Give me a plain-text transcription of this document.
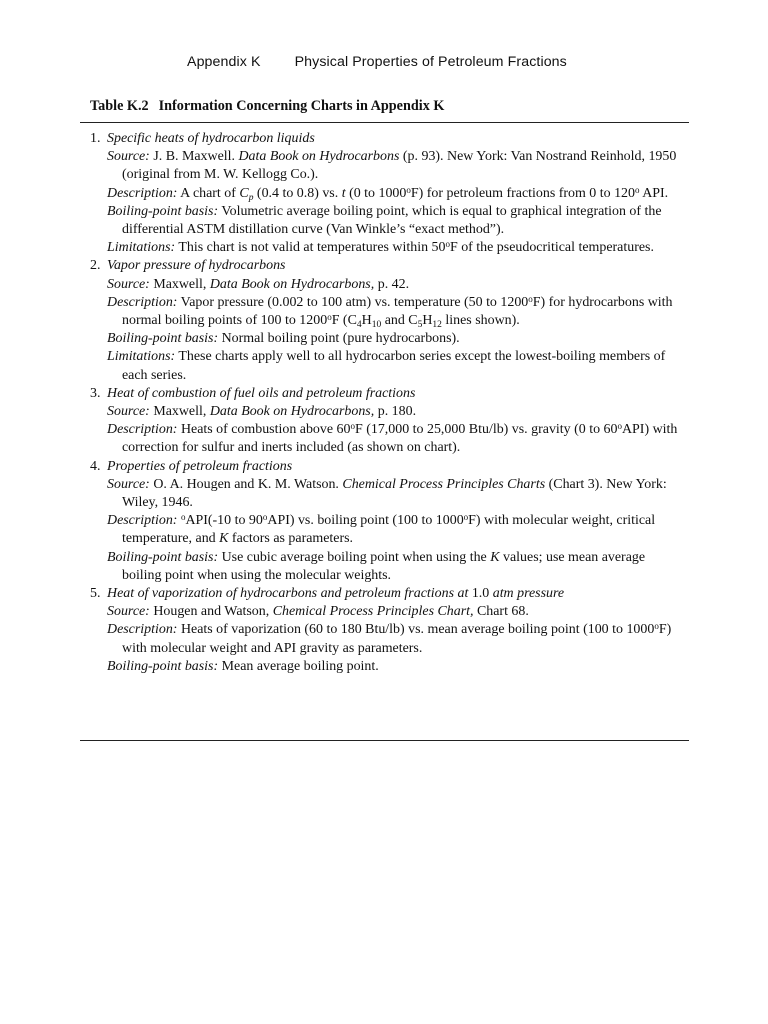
Appendix K Physical Properties of Petroleum Fractions
Table K.2 Information Concerning Charts in Appendix K
1. Specific heats of hydrocarbon liquids
Source: J. B. Maxwell. Data Book on Hydrocarbons (p. 93). New York: Van Nostrand Reinhold, 1950 (original from M. W. Kellogg Co.).
Description: A chart of $C_p$ (0.4 to 0.8) vs. t (0 to 1000$^o$F) for petroleum fractions from 0 to 120$^o$ API.
Boiling-point basis: Volumetric average boiling point, which is equal to graphical integration of the differential ASTM distillation curve (Van Winkle’s “exact method”).
Limitations: This chart is not valid at temperatures within 50$^o$F of the pseudocritical temperatures.
2. Vapor pressure of hydrocarbons
Source: Maxwell, Data Book on Hydrocarbons, p. 42.
Description: Vapor pressure (0.002 to 100 atm) vs. temperature (50 to 1200$^o$F) for hydrocarbons with normal boiling points of 100 to 1200$^o$F ($C_4H_{10}$ and $C_5H_{12}$ lines shown).
Boiling-point basis: Normal boiling point (pure hydrocarbons).
Limitations: These charts apply well to all hydrocarbon series except the lowest-boiling members of each series.
3. Heat of combustion of fuel oils and petroleum fractions
Source: Maxwell, Data Book on Hydrocarbons, p. 180.
Description: Heats of combustion above 60$^o$F (17,000 to 25,000 Btu/lb) vs. gravity (0 to 60$^o$API) with correction for sulfur and inerts included (as shown on chart).
4. Properties of petroleum fractions
Source: O. A. Hougen and K. M. Watson. Chemical Process Principles Charts (Chart 3). New York: Wiley, 1946.
Description: $^o$API(-10 to 90$^o$API) vs. boiling point (100 to 1000$^o$F) with molecular weight, critical temperature, and K factors as parameters.
Boiling-point basis: Use cubic average boiling point when using the K values; use mean average boiling point when using the molecular weights.
5. Heat of vaporization of hydrocarbons and petroleum fractions at 1.0 atm pressure
Source: Hougen and Watson, Chemical Process Principles Chart, Chart 68.
Description: Heats of vaporization (60 to 180 Btu/lb) vs. mean average boiling point (100 to 1000$^o$F) with molecular weight and API gravity as parameters.
Boiling-point basis: Mean average boiling point.
